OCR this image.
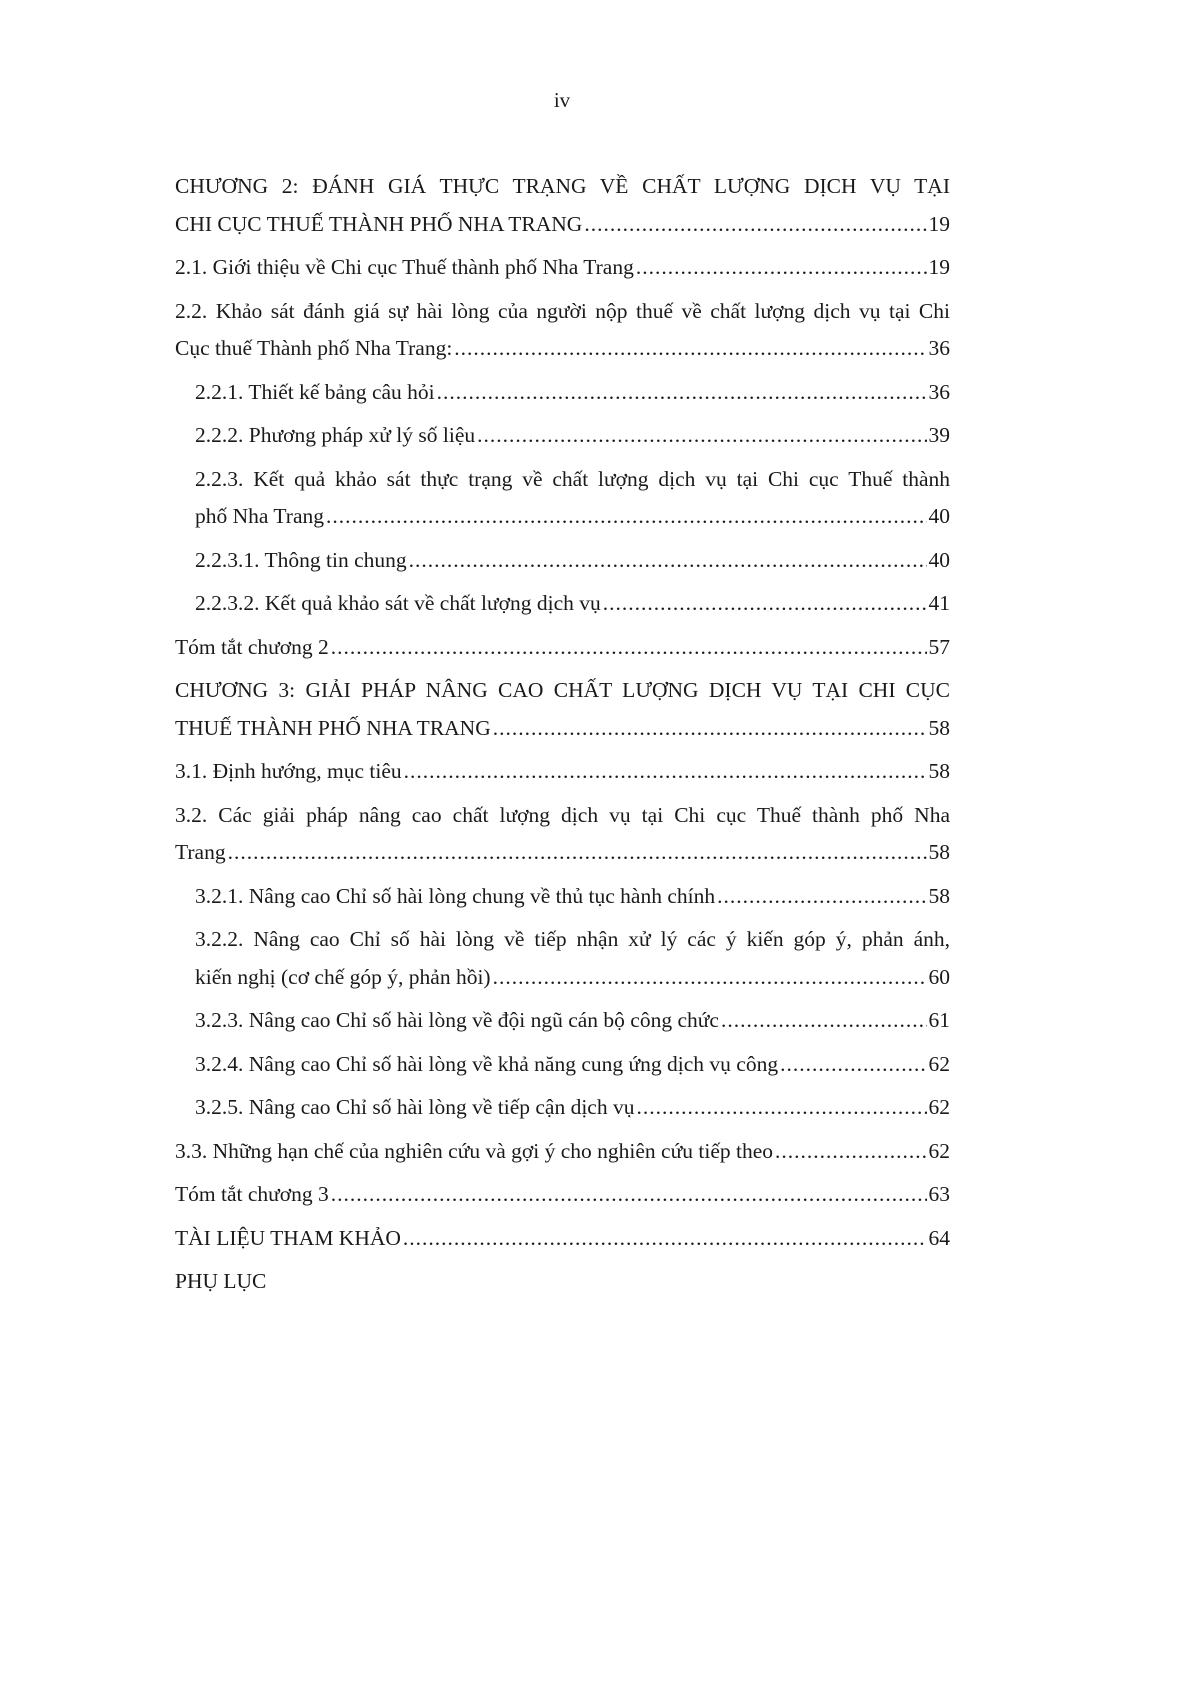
iv
CHƯƠNG 2: ĐÁNH GIÁ THỰC TRẠNG VỀ CHẤT LƯỢNG DỊCH VỤ TẠI
CHI CỤC THUẾ THÀNH PHỐ NHA TRANG .....	19
2.1. Giới thiệu về Chi cục Thuế thành phố Nha Trang .....	19
2.2. Khảo sát đánh giá sự hài lòng của người nộp thuế về chất lượng dịch vụ tại Chi
Cục thuế Thành phố Nha Trang: .....	36
2.2.1. Thiết kế bảng câu hỏi .....	36
2.2.2. Phương pháp xử lý số liệu .....	39
2.2.3. Kết quả khảo sát thực trạng về chất lượng dịch vụ tại Chi cục Thuế thành
phố Nha Trang .....	40
2.2.3.1. Thông tin chung .....	40
2.2.3.2. Kết quả khảo sát về chất lượng dịch vụ .....	41
Tóm tắt chương 2 .....	57
CHƯƠNG 3: GIẢI PHÁP NÂNG CAO CHẤT LƯỢNG DỊCH VỤ TẠI CHI CỤC
THUẾ THÀNH PHỐ NHA TRANG .....	58
3.1. Định hướng, mục tiêu .....	58
3.2. Các giải pháp nâng cao chất lượng dịch vụ tại Chi cục Thuế thành phố Nha
Trang .....	58
3.2.1. Nâng cao Chỉ số hài lòng chung về thủ tục hành chính .....	58
3.2.2. Nâng cao Chỉ số hài lòng về tiếp nhận xử lý các ý kiến góp ý, phản ánh,
kiến nghị (cơ chế góp ý, phản hồi) .....	60
3.2.3. Nâng cao Chỉ số hài lòng về đội ngũ cán bộ công chức .....	61
3.2.4. Nâng cao Chỉ số hài lòng về khả năng cung ứng dịch vụ công .....	62
3.2.5. Nâng cao Chỉ số hài lòng về tiếp cận dịch vụ .....	62
3.3. Những hạn chế của nghiên cứu và gợi ý cho nghiên cứu tiếp theo .....	62
Tóm tắt chương 3 .....	63
TÀI LIỆU THAM KHẢO .....	64
PHỤ LỤC
